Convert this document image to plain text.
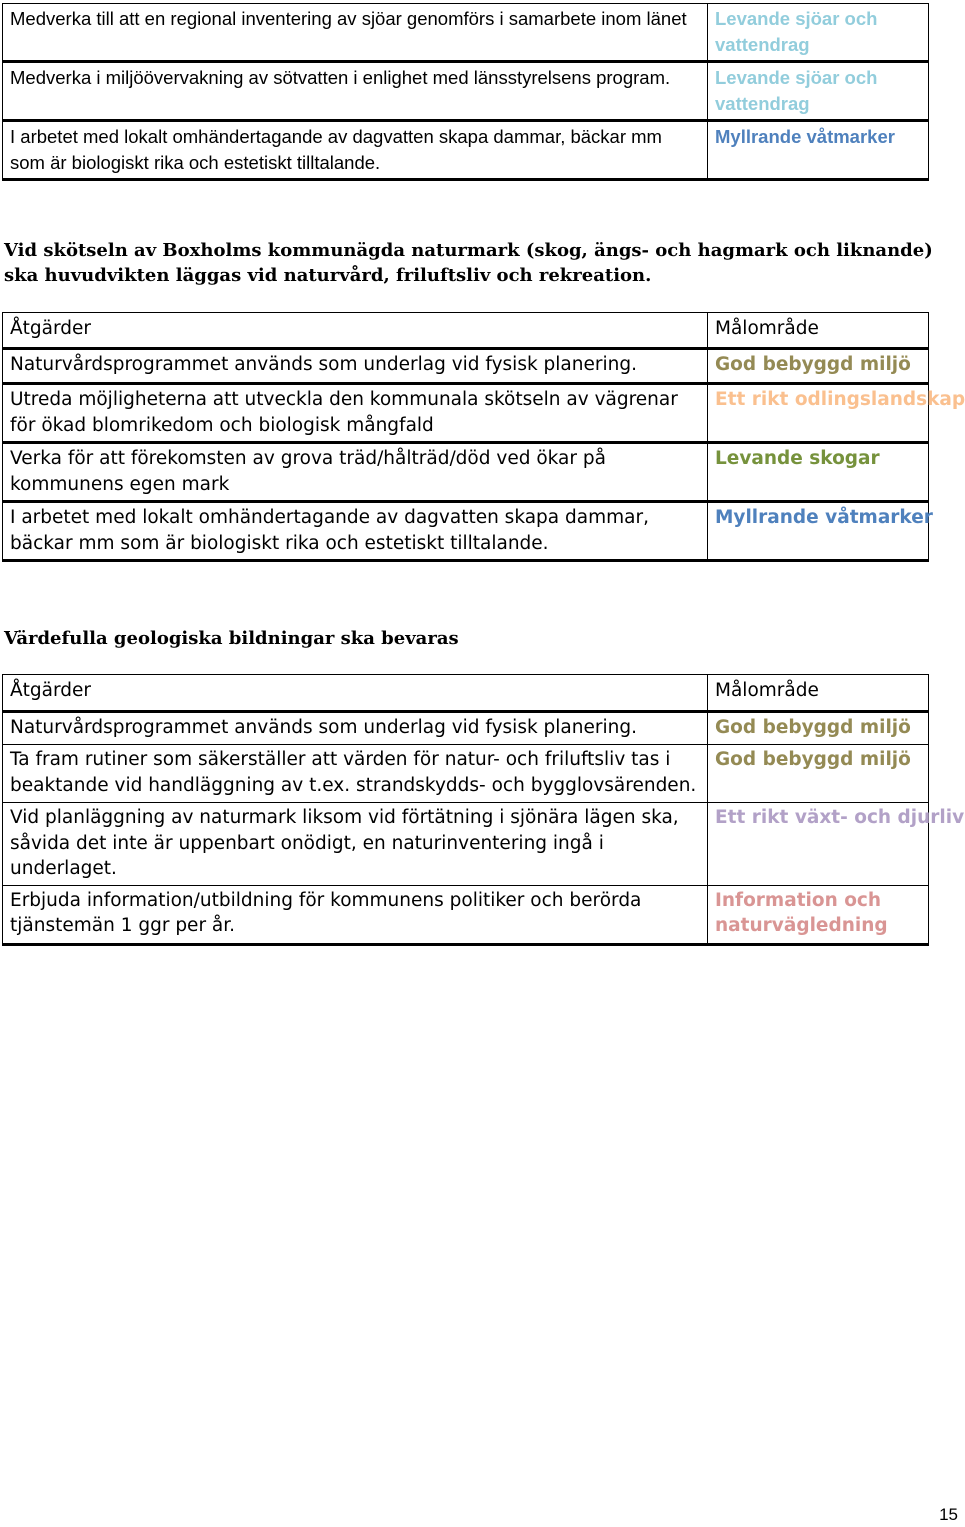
Medverka till att en regional inventering av sjöar genomförs i samarbete inom länet	Levande sjöar och vattendrag
Medverka i miljöövervakning av sötvatten i enlighet med länsstyrelsens program.	Levande sjöar och vattendrag
I arbetet med lokalt omhändertagande av dagvatten skapa dammar, bäckar mm som är biologiskt rika och estetiskt tilltalande.	Myllrande våtmarker

Vid skötseln av Boxholms kommunägda naturmark (skog, ängs- och hagmark och liknande) ska huvudvikten läggas vid naturvård, friluftsliv och rekreation.

Åtgärder	Målområde
Naturvårdsprogrammet används som underlag vid fysisk planering.	God bebyggd miljö
Utreda möjligheterna att utveckla den kommunala skötseln av vägrenar för ökad blomrikedom och biologisk mångfald	Ett rikt odlingslandskap
Verka för att förekomsten av grova träd/hålträd/död ved ökar på kommunens egen mark	Levande skogar
I arbetet med lokalt omhändertagande av dagvatten skapa dammar, bäckar mm som är biologiskt rika och estetiskt tilltalande.	Myllrande våtmarker

Värdefulla geologiska bildningar ska bevaras

Åtgärder	Målområde
Naturvårdsprogrammet används som underlag vid fysisk planering.	God bebyggd miljö
Ta fram rutiner som säkerställer att värden för natur- och friluftsliv tas i beaktande vid handläggning av t.ex. strandskydds- och bygglovsärenden.	God bebyggd miljö
Vid planläggning av naturmark liksom vid förtätning i sjönära lägen ska, såvida det inte är uppenbart onödigt, en naturinventering ingå i underlaget.	Ett rikt växt- och djurliv
Erbjuda information/utbildning för kommunens politiker och berörda tjänstemän 1 ggr per år.	Information och naturvägledning
15
